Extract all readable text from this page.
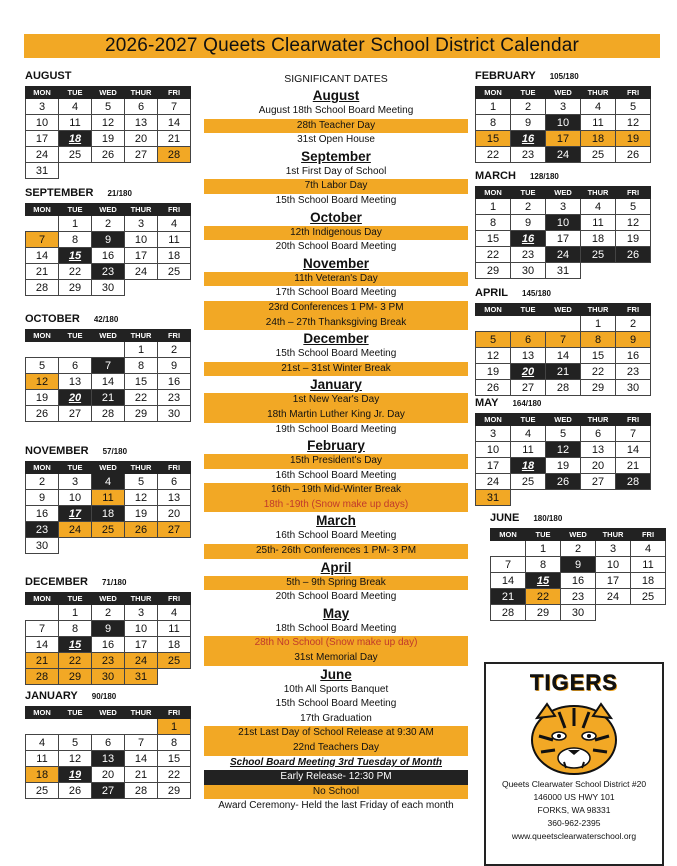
2026-2027 Queets Clearwater School District Calendar
AUGUST
MON	TUE	WED	THUR	FRI
3	4	5	6	7
10	11	12	13	14
17	18	19	20	21
24	25	26	27	28
31				
SEPTEMBER 21/180
MON	TUE	WED	THUR	FRI
	1	2	3	4
7	8	9	10	11
14	15	16	17	18
21	22	23	24	25
28	29	30		
OCTOBER 42/180
MON	TUE	WED	THUR	FRI
			1	2
5	6	7	8	9
12	13	14	15	16
19	20	21	22	23
26	27	28	29	30
NOVEMBER 57/180
MON	TUE	WED	THUR	FRI
2	3	4	5	6
9	10	11	12	13
16	17	18	19	20
23	24	25	26	27
30				
DECEMBER 71/180
MON	TUE	WED	THUR	FRI
	1	2	3	4
7	8	9	10	11
14	15	16	17	18
21	22	23	24	25
28	29	30	31	
JANUARY 90/180
MON	TUE	WED	THUR	FRI
				1
4	5	6	7	8
11	12	13	14	15
18	19	20	21	22
25	26	27	28	29
FEBRUARY 105/180
MON	TUE	WED	THUR	FRI
1	2	3	4	5
8	9	10	11	12
15	16	17	18	19
22	23	24	25	26
MARCH 128/180
MON	TUE	WED	THUR	FRI
1	2	3	4	5
8	9	10	11	12
15	16	17	18	19
22	23	24	25	26
29	30	31		
APRIL 145/180
MON	TUE	WED	THUR	FRI
			1	2
5	6	7	8	9
12	13	14	15	16
19	20	21	22	23
26	27	28	29	30
MAY 164/180
MON	TUE	WED	THUR	FRI
3	4	5	6	7
10	11	12	13	14
17	18	19	20	21
24	25	26	27	28
31				
JUNE 180/180
MON	TUE	WED	THUR	FRI
	1	2	3	4
7	8	9	10	11
14	15	16	17	18
21	22	23	24	25
28	29	30		
SIGNIFICANT DATES
August
August 18th School Board Meeting
28th Teacher Day
31st Open House
September
1st First Day of School
7th Labor Day
15th School Board Meeting
October
12th Indigenous Day
20th School Board Meeting
November
11th Veteran's Day
17th School Board Meeting
23rd Conferences 1 PM- 3 PM
24th – 27th Thanksgiving Break
December
15th School Board Meeting
21st – 31st Winter Break
January
1st New Year's Day
18th Martin Luther King Jr. Day
19th School Board Meeting
February
15th President's Day
16th School Board Meeting
16th – 19th Mid-Winter Break
18th -19th (Snow make up days)
March
16th School Board Meeting
25th- 26th Conferences 1 PM- 3 PM
April
5th – 9th Spring Break
20th School Board Meeting
May
18th School Board Meeting
28th No School (Snow make up day)
31st Memorial Day
June
10th All Sports Banquet
15th School Board Meeting
17th Graduation
21st Last Day of School Release at 9:30 AM
22nd Teachers Day
School Board Meeting 3rd Tuesday of Month
Early Release- 12:30 PM
No School
Award Ceremony- Held the last Friday of each month
TIGERS
Queets Clearwater School District #20
146000 US HWY 101
FORKS, WA 98331
360-962-2395
www.queetsclearwaterschool.org
